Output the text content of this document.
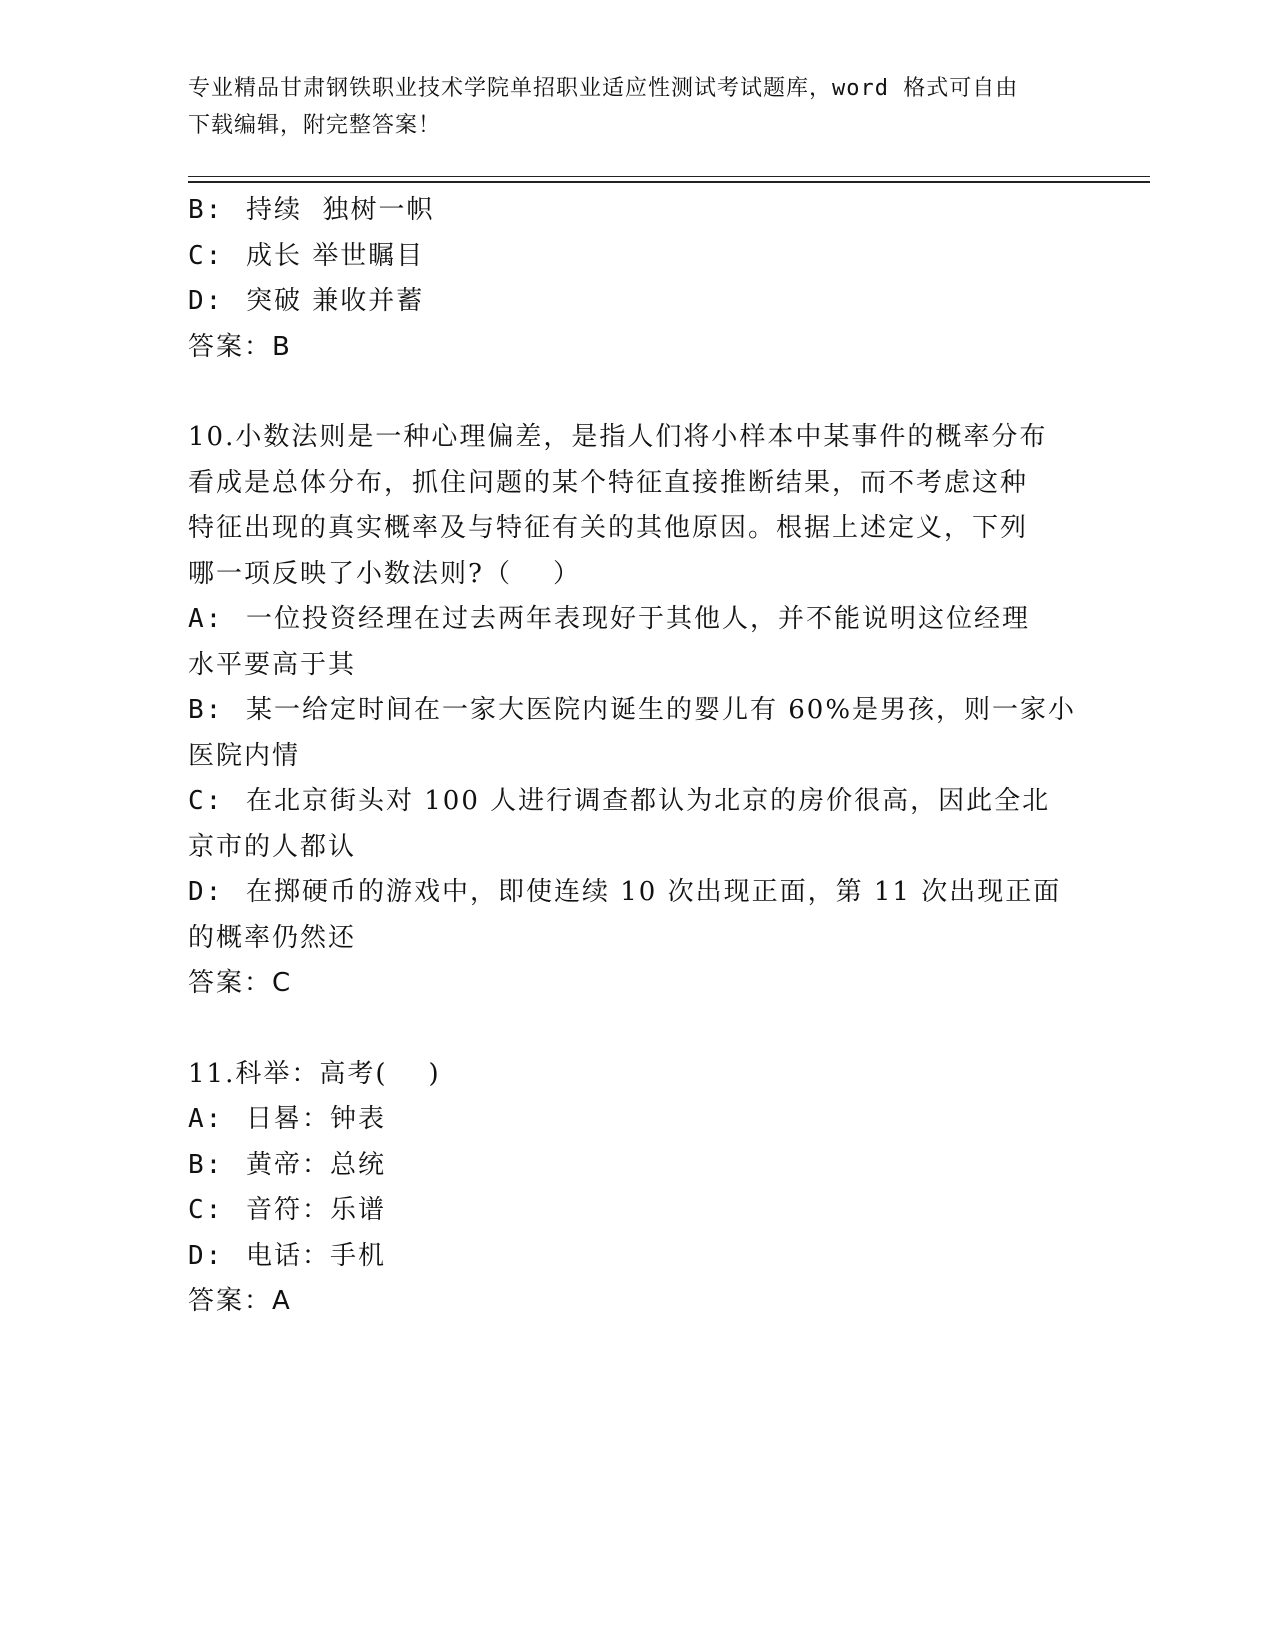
专业精品甘肃钢铁职业技术学院单招职业适应性测试考试题库，word 格式可自由
下载编辑，附完整答案！
B: 持续  独树一帜
C: 成长 举世瞩目
D: 突破 兼收并蓄
答案：B
10.小数法则是一种心理偏差，是指人们将小样本中某事件的概率分布
看成是总体分布，抓住问题的某个特征直接推断结果，而不考虑这种
特征出现的真实概率及与特征有关的其他原因。根据上述定义，下列
哪一项反映了小数法则?（    ）
A: 一位投资经理在过去两年表现好于其他人，并不能说明这位经理
水平要高于其
B: 某一给定时间在一家大医院内诞生的婴儿有 60%是男孩，则一家小
医院内情
C: 在北京街头对 100 人进行调查都认为北京的房价很高，因此全北
京市的人都认
D: 在掷硬币的游戏中，即使连续 10 次出现正面，第 11 次出现正面
的概率仍然还
答案：C
11.科举：高考(    )
A: 日晷：钟表
B: 黄帝：总统
C: 音符：乐谱
D: 电话：手机
答案：A
